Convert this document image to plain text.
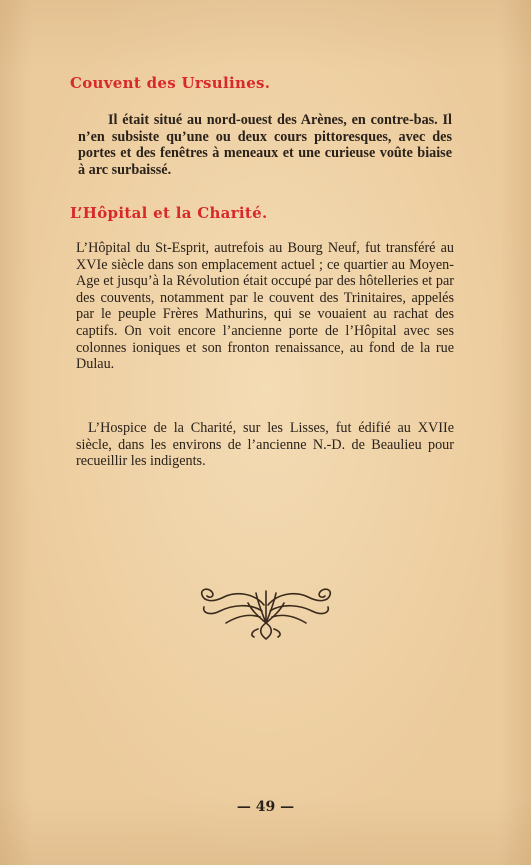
Couvent des Ursulines.

Il était situé au nord-ouest des Arènes, en contre-bas. Il n’en subsiste qu’une ou deux cours pittoresques, avec des portes et des fenêtres à meneaux et une curieuse voûte biaise à arc surbaissé.

L’Hôpital et la Charité.

L’Hôpital du St-Esprit, autrefois au Bourg Neuf, fut transféré au XVIe siècle dans son emplacement actuel ; ce quartier au Moyen-Age et jusqu’à la Révolution était occupé par des hôtelleries et par des couvents, notamment par le couvent des Trinitaires, appelés par le peuple Frères Mathurins, qui se vouaient au rachat des captifs. On voit encore l’ancienne porte de l’Hôpital avec ses colonnes ioniques et son fronton renaissance, au fond de la rue Dulau.

L’Hospice de la Charité, sur les Lisses, fut édifié au XVIIe siècle, dans les environs de l’ancienne N.-D. de Beaulieu pour recueillir les indigents.

— 49 —
